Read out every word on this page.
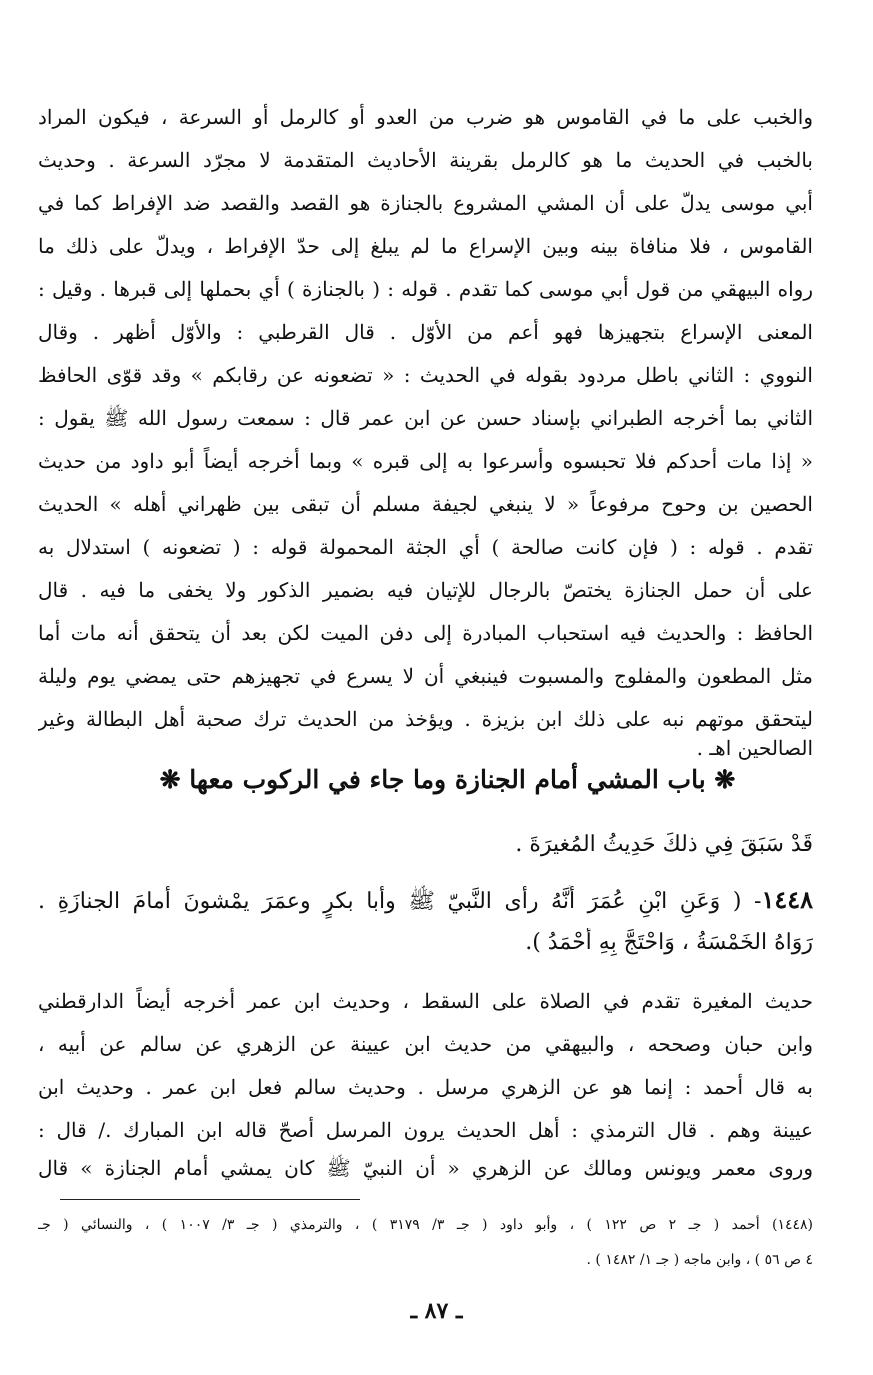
والخبب على ما في القاموس هو ضرب من العدو أو كالرمل أو السرعة ، فيكون المراد
بالخبب في الحديث ما هو كالرمل بقرينة الأحاديث المتقدمة لا مجرّد السرعة . وحديث
أبي موسى يدلّ على أن المشي المشروع بالجنازة هو القصد والقصد ضد الإفراط كما في
القاموس ، فلا منافاة بينه وبين الإسراع ما لم يبلغ إلى حدّ الإفراط ، ويدلّ على ذلك ما
رواه البيهقي من قول أبي موسى كما تقدم . قوله : ( بالجنازة ) أي بحملها إلى قبرها . وقيل :
المعنى الإسراع بتجهيزها فهو أعم من الأوّل . قال القرطبي : والأوّل أظهر . وقال
النووي : الثاني باطل مردود بقوله في الحديث : « تضعونه عن رقابكم » وقد قوّى الحافظ
الثاني بما أخرجه الطبراني بإسناد حسن عن ابن عمر قال : سمعت رسول الله ﷺ يقول :
« إذا مات أحدكم فلا تحبسوه وأسرعوا به إلى قبره » وبما أخرجه أيضاً أبو داود من حديث
الحصين بن وحوح مرفوعاً « لا ينبغي لجيفة مسلم أن تبقى بين ظهراني أهله » الحديث
تقدم . قوله : ( فإن كانت صالحة ) أي الجثة المحمولة قوله : ( تضعونه ) استدلال به
على أن حمل الجنازة يختصّ بالرجال للإتيان فيه بضمير الذكور ولا يخفى ما فيه . قال
الحافظ : والحديث فيه استحباب المبادرة إلى دفن الميت لكن بعد أن يتحقق أنه مات أما
مثل المطعون والمفلوج والمسبوت فينبغي أن لا يسرع في تجهيزهم حتى يمضي يوم وليلة
ليتحقق موتهم نبه على ذلك ابن بزيزة . ويؤخذ من الحديث ترك صحبة أهل البطالة وغير
الصالحين اهـ .
❋ باب المشي أمام الجنازة وما جاء في الركوب معها ❋
قَدْ سَبَقَ فِي ذلكَ حَدِيثُ المُغيرَةَ .
١٤٤٨- ( وَعَنِ ابْنِ عُمَرَ أَنَّهُ رأى النَّبيّ ﷺ وأبا بكرٍ وعمَرَ يمْشونَ أمامَ الجنازَةِ .
رَوَاهُ الخَمْسَةُ ، وَاحْتَجَّ بِهِ أَحْمَدُ ).
حديث المغيرة تقدم في الصلاة على السقط ، وحديث ابن عمر أخرجه أيضاً الدارقطني
وابن حبان وصححه ، والبيهقي من حديث ابن عيينة عن الزهري عن سالم عن أبيه ،
به قال أحمد : إنما هو عن الزهري مرسل . وحديث سالم فعل ابن عمر . وحديث ابن
عيينة وهم . قال الترمذي : أهل الحديث يرون المرسل أصحّ قاله ابن المبارك ./ قال :
وروى معمر ويونس ومالك عن الزهري « أن النبيّ ﷺ كان يمشي أمام الجنازة » قال
(١٤٤٨) أحمد ( جـ ٢ ص ١٢٢ ) ، وأبو داود ( جـ ٣/ ٣١٧٩ ) ، والترمذي ( جـ ٣/ ١٠٠٧ ) ، والنسائي ( جـ
٤ ص ٥٦ ) ، وابن ماجه ( جـ ١/ ١٤٨٢ ) .
ـ ٨٧ ـ
